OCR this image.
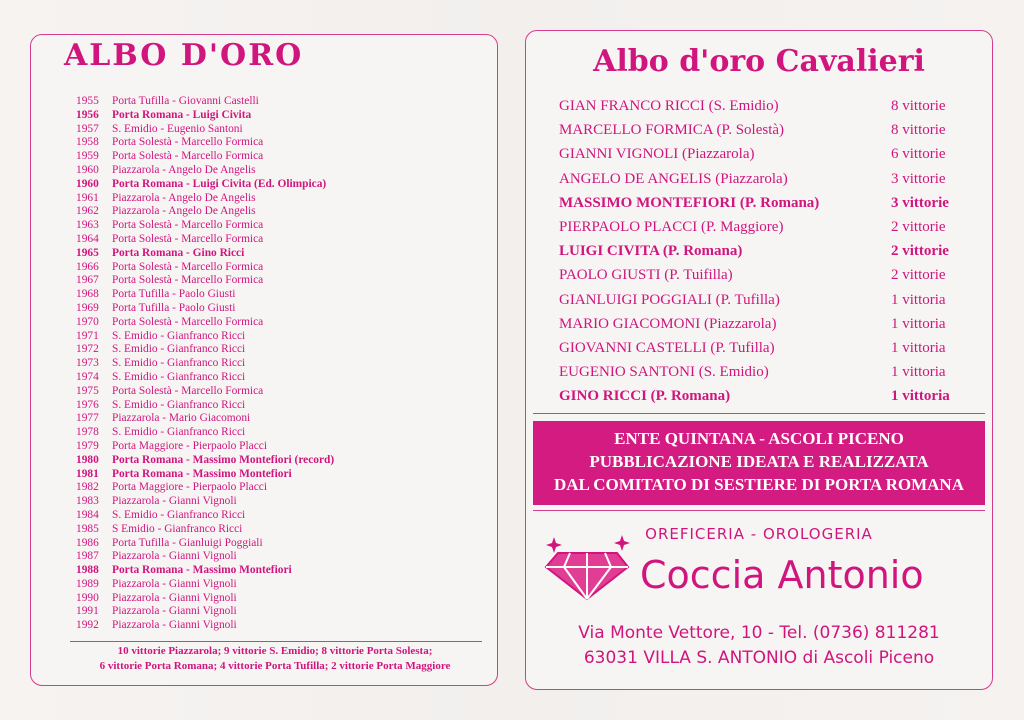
ALBO D'ORO
1955 Porta Tufilla - Giovanni Castelli
1956 Porta Romana - Luigi Civita
1957 S. Emidio - Eugenio Santoni
1958 Porta Solestà - Marcello Formica
1959 Porta Solestà - Marcello Formica
1960 Piazzarola - Angelo De Angelis
1960 Porta Romana - Luigi Civita (Ed. Olimpica)
1961 Piazzarola - Angelo De Angelis
1962 Piazzarola - Angelo De Angelis
1963 Porta Solestà - Marcello Formica
1964 Porta Solestà - Marcello Formica
1965 Porta Romana - Gino Ricci
1966 Porta Solestà - Marcello Formica
1967 Porta Solestà - Marcello Formica
1968 Porta Tufilla - Paolo Giusti
1969 Porta Tufilla - Paolo Giusti
1970 Porta Solestà - Marcello Formica
1971 S. Emidio - Gianfranco Ricci
1972 S. Emidio - Gianfranco Ricci
1973 S. Emidio - Gianfranco Ricci
1974 S. Emidio - Gianfranco Ricci
1975 Porta Solestà - Marcello Formica
1976 S. Emidio - Gianfranco Ricci
1977 Piazzarola - Mario Giacomoni
1978 S. Emidio - Gianfranco Ricci
1979 Porta Maggiore - Pierpaolo Placci
1980 Porta Romana - Massimo Montefiori (record)
1981 Porta Romana - Massimo Montefiori
1982 Porta Maggiore - Pierpaolo Placci
1983 Piazzarola - Gianni Vignoli
1984 S. Emidio - Gianfranco Ricci
1985 S Emidio - Gianfranco Ricci
1986 Porta Tufilla - Gianluigi Poggiali
1987 Piazzarola - Gianni Vignoli
1988 Porta Romana - Massimo Montefiori
1989 Piazzarola - Gianni Vignoli
1990 Piazzarola - Gianni Vignoli
1991 Piazzarola - Gianni Vignoli
1992 Piazzarola - Gianni Vignoli
10 vittorie Piazzarola; 9 vittorie S. Emidio; 8 vittorie Porta Solesta;
6 vittorie Porta Romana; 4 vittorie Porta Tufilla; 2 vittorie Porta Maggiore
Albo d'oro Cavalieri
GIAN FRANCO RICCI (S. Emidio)	8 vittorie
MARCELLO FORMICA (P. Solestà)	8 vittorie
GIANNI VIGNOLI (Piazzarola)	6 vittorie
ANGELO DE ANGELIS (Piazzarola)	3 vittorie
MASSIMO MONTEFIORI (P. Romana)	3 vittorie
PIERPAOLO PLACCI (P. Maggiore)	2 vittorie
LUIGI CIVITA (P. Romana)	2 vittorie
PAOLO GIUSTI (P. Tuifilla)	2 vittorie
GIANLUIGI POGGIALI (P. Tufilla)	1 vittoria
MARIO GIACOMONI (Piazzarola)	1 vittoria
GIOVANNI CASTELLI (P. Tufilla)	1 vittoria
EUGENIO SANTONI (S. Emidio)	1 vittoria
GINO RICCI (P. Romana)	1 vittoria
ENTE QUINTANA - ASCOLI PICENO
PUBBLICAZIONE IDEATA E REALIZZATA
DAL COMITATO DI SESTIERE DI PORTA ROMANA
OREFICERIA - OROLOGERIA
Coccia Antonio
Via Monte Vettore, 10 - Tel. (0736) 811281
63031 VILLA S. ANTONIO di Ascoli Piceno
